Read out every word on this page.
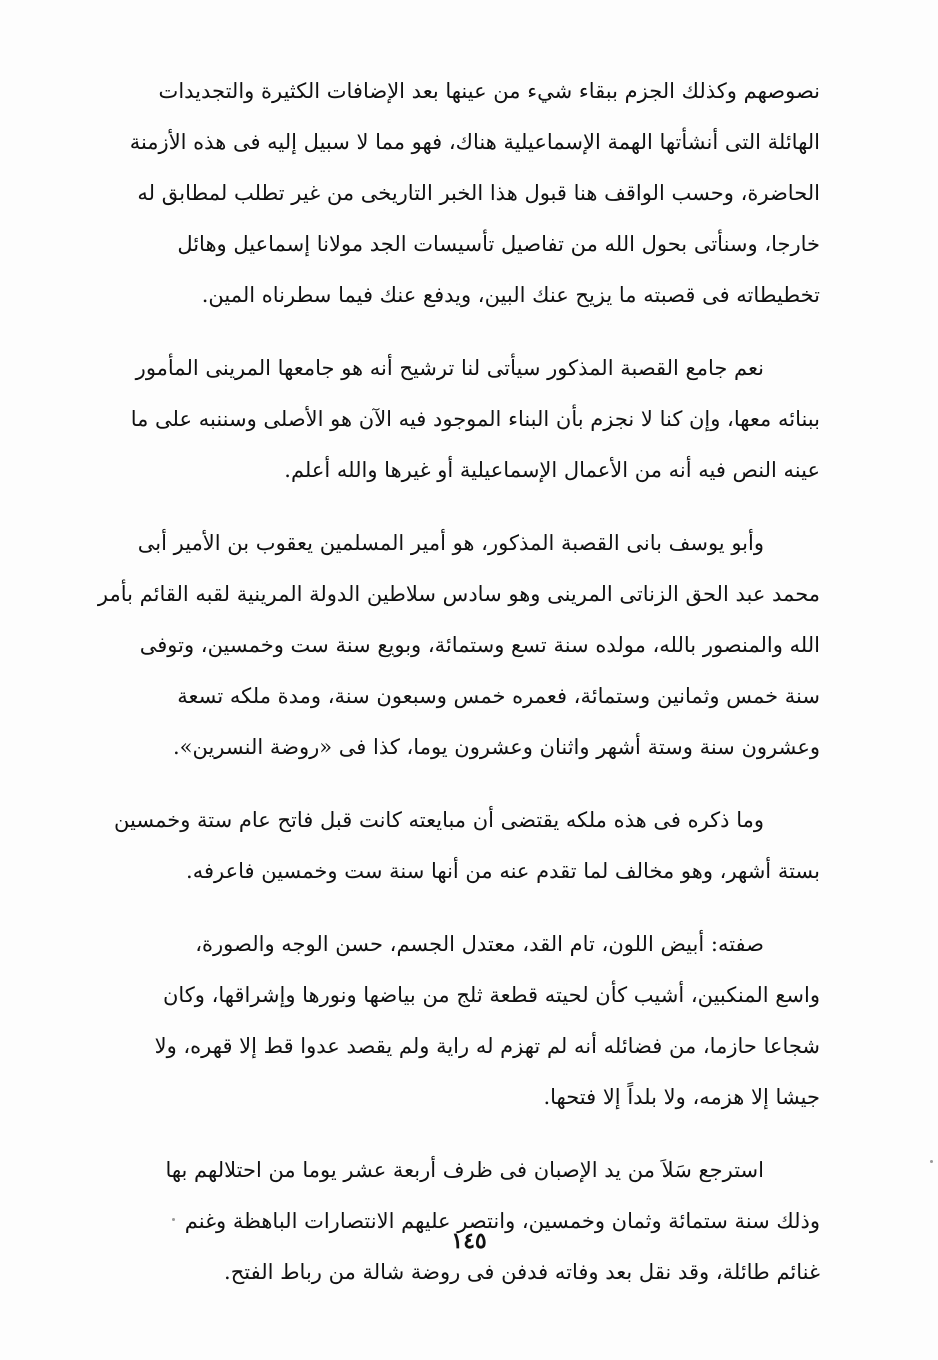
نصوصهم وكذلك الجزم ببقاء شيء من عينها بعد الإضافات الكثيرة والتجديدات
الهائلة التى أنشأتها الهمة الإسماعيلية هناك، فهو مما لا سبيل إليه فى هذه الأزمنة
الحاضرة، وحسب الواقف هنا قبول هذا الخبر التاريخى من غير تطلب لمطابق له
خارجا، وسنأتى بحول الله من تفاصيل تأسيسات الجد مولانا إسماعيل وهائل
تخطيطاته فى قصبته ما يزيح عنك البين، ويدفع عنك فيما سطرناه المين.
نعم جامع القصبة المذكور سيأتى لنا ترشيح أنه هو جامعها المرينى المأمور
ببنائه معها، وإن كنا لا نجزم بأن البناء الموجود فيه الآن هو الأصلى وسننبه على ما
عينه النص فيه أنه من الأعمال الإسماعيلية أو غيرها والله أعلم.
وأبو يوسف بانى القصبة المذكور، هو أمير المسلمين يعقوب بن الأمير أبى
محمد عبد الحق الزناتى المرينى وهو سادس سلاطين الدولة المرينية لقبه القائم بأمر
الله والمنصور بالله، مولده سنة تسع وستمائة، وبويع سنة ست وخمسين، وتوفى
سنة خمس وثمانين وستمائة، فعمره خمس وسبعون سنة، ومدة ملكه تسعة
وعشرون سنة وستة أشهر واثنان وعشرون يوما، كذا فى «روضة النسرين».
وما ذكره فى هذه ملكه يقتضى أن مبايعته كانت قبل فاتح عام ستة وخمسين
بستة أشهر، وهو مخالف لما تقدم عنه من أنها سنة ست وخمسين فاعرفه.
صفته: أبيض اللون، تام القد، معتدل الجسم، حسن الوجه والصورة،
واسع المنكبين، أشيب كأن لحيته قطعة ثلج من بياضها ونورها وإشراقها، وكان
شجاعا حازما، من فضائله أنه لم تهزم له راية ولم يقصد عدوا قط إلا قهره، ولا
جيشا إلا هزمه، ولا بلداً إلا فتحها.
استرجع سَلاَ من يد الإصبان فى ظرف أربعة عشر يوما من احتلالهم بها
وذلك سنة ستمائة وثمان وخمسين، وانتصر عليهم الانتصارات الباهظة وغنم
غنائم طائلة، وقد نقل بعد وفاته فدفن فى روضة شالة من رباط الفتح.
١٤٥
